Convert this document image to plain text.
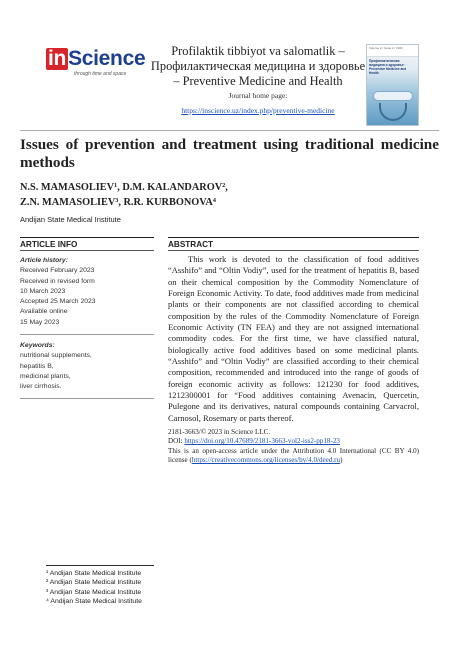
inScience
through time and space
Profilaktik tibbiyot va salomatlik – Профилактическая медицина и здоровье – Preventive Medicine and Health
Journal home page:
https://inscience.uz/index.php/preventive-medicine
Volume 2 / Issue 2 / 2023
Профилактическая медицина и здоровье · Preventive Medicine and Health
Issues of prevention and treatment using traditional medicine methods
N.S. MAMASOLIEV¹, D.M. KALANDAROV²,
Z.N. MAMASOLIEV³, R.R. KURBONOVA⁴
Andijan State Medical Institute
ARTICLE INFO
Article history:
Received February 2023
Received in revised form
10 March 2023
Accepted 25 March 2023
Available online
15 May 2023
Keywords:
nutritional supplements,
hepatitis B,
medicinal plants,
liver cirrhosis.
ABSTRACT

This work is devoted to the classification of food additives “Asshifo” and “Oltin Vodiy”, used for the treatment of hepatitis B, based on their chemical composition by the Commodity Nomenclature of Foreign Economic Activity. To date, food additives made from medicinal plants or their components are not classified according to chemical composition by the rules of the Commodity Nomenclature of Foreign Economic Activity (TN FEA) and they are not assigned international commodity codes. For the first time, we have classified natural, biologically active food additives based on some medicinal plants. “Asshifo” and “Oltin Vodiy” are classified according to their chemical composition, recommended and introduced into the range of goods of foreign economic activity as follows: 121230 for food additives, 1212300001 for “Food additives containing Avenacin, Quercetin, Pulegone and its derivatives, natural compounds containing Carvacrol, Carnosol, Rosemary or parts thereof.

2181-3663/© 2023 in Science LLC.
DOI: https://doi.org/10.47689/2181-3663-vol2-iss2-pp18-23
This is an open-access article under the Attribution 4.0 International (CC BY 4.0) license (https://creativecommons.org/licenses/by/4.0/deed.ru)
¹ Andijan State Medical Institute
² Andijan State Medical Institute
³ Andijan State Medical Institute
⁴ Andijan State Medical Institute
